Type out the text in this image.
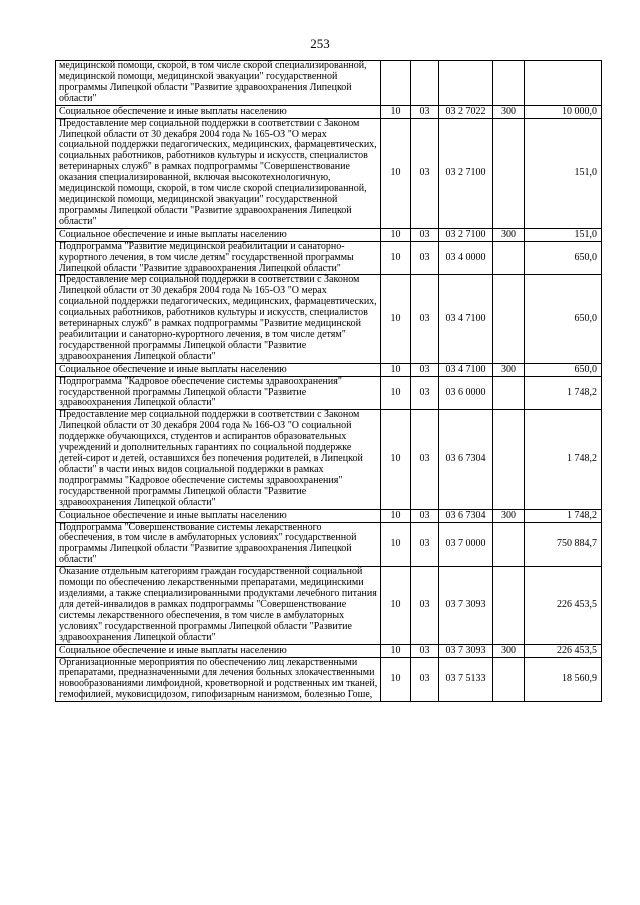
253
медицинской помощи, скорой, в том числе скорой специализированной, медицинской помощи, медицинской эвакуации" государственной программы Липецкой области "Развитие здравоохранения Липецкой области"					
Социальное обеспечение и иные выплаты населению	10	03	03 2 7022	300	10 000,0
Предоставление мер социальной поддержки в соответствии с Законом Липецкой области от 30 декабря 2004 года № 165-ОЗ "О мерах социальной поддержки педагогических, медицинских, фармацевтических, социальных работников, работников культуры и искусств, специалистов ветеринарных служб" в рамках подпрограммы "Совершенствование оказания специализированной, включая высокотехнологичную, медицинской помощи, скорой, в том числе скорой специализированной, медицинской помощи, медицинской эвакуации" государственной программы Липецкой области "Развитие здравоохранения Липецкой области"	10	03	03 2 7100		151,0
Социальное обеспечение и иные выплаты населению	10	03	03 2 7100	300	151,0
Подпрограмма "Развитие медицинской реабилитации и санаторно-курортного лечения, в том числе детям" государственной программы Липецкой области "Развитие здравоохранения Липецкой области"	10	03	03 4 0000		650,0
Предоставление мер социальной поддержки в соответствии с Законом Липецкой области от 30 декабря 2004 года № 165-ОЗ "О мерах социальной поддержки педагогических, медицинских, фармацевтических, социальных работников, работников культуры и искусств, специалистов ветеринарных служб" в рамках подпрограммы "Развитие медицинской реабилитации и санаторно-курортного лечения, в том числе детям" государственной программы Липецкой области "Развитие здравоохранения Липецкой области"	10	03	03 4 7100		650,0
Социальное обеспечение и иные выплаты населению	10	03	03 4 7100	300	650,0
Подпрограмма "Кадровое обеспечение системы здравоохранения" государственной программы Липецкой области "Развитие здравоохранения Липецкой области"	10	03	03 6 0000		1 748,2
Предоставление мер социальной поддержки в соответствии с Законом Липецкой области от 30 декабря 2004 года № 166-ОЗ "О социальной поддержке обучающихся, студентов и аспирантов образовательных учреждений и дополнительных гарантиях по социальной поддержке детей-сирот и детей, оставшихся без попечения родителей, в Липецкой области" в части иных видов социальной поддержки в рамках подпрограммы "Кадровое обеспечение системы здравоохранения" государственной программы Липецкой области "Развитие здравоохранения Липецкой области"	10	03	03 6 7304		1 748,2
Социальное обеспечение и иные выплаты населению	10	03	03 6 7304	300	1 748,2
Подпрограмма "Совершенствование системы лекарственного обеспечения, в том числе в амбулаторных условиях" государственной программы Липецкой области "Развитие здравоохранения Липецкой области"	10	03	03 7 0000		750 884,7
Оказание отдельным категориям граждан государственной социальной помощи по обеспечению лекарственными препаратами, медицинскими изделиями, а также специализированными продуктами лечебного питания для детей-инвалидов в рамках подпрограммы "Совершенствование системы лекарственного обеспечения, в том числе в амбулаторных условиях" государственной программы Липецкой области "Развитие здравоохранения Липецкой области"	10	03	03 7 3093		226 453,5
Социальное обеспечение и иные выплаты населению	10	03	03 7 3093	300	226 453,5
Организационные мероприятия по обеспечению лиц лекарственными препаратами, предназначенными для лечения больных злокачественными новообразованиями лимфоидной, кроветворной и родственных им тканей, гемофилией, муковисцидозом, гипофизарным нанизмом, болезнью Гоше,	10	03	03 7 5133		18 560,9
